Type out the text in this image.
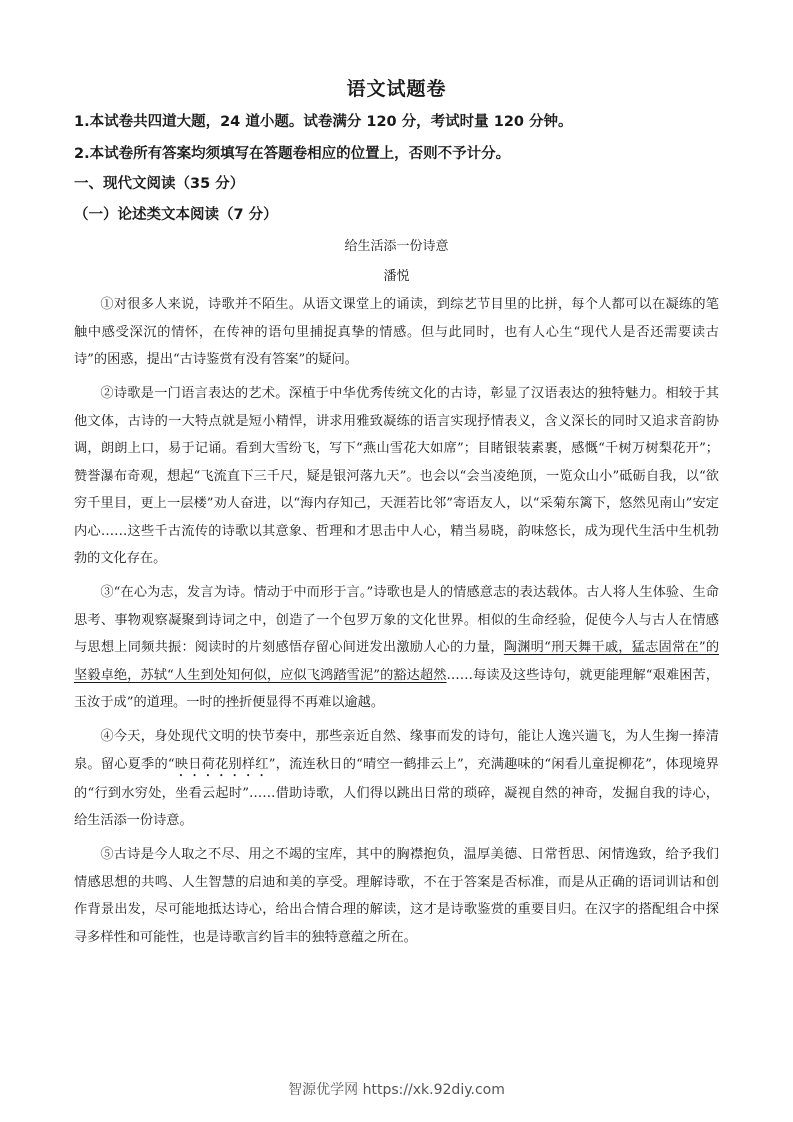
语文试题卷
1.本试卷共四道大题，24 道小题。试卷满分 120 分，考试时量 120 分钟。
2.本试卷所有答案均须填写在答题卷相应的位置上，否则不予计分。
一、现代文阅读（35 分）
（一）论述类文本阅读（7 分）
给生活添一份诗意
潘悦

①对很多人来说，诗歌并不陌生。从语文课堂上的诵读，到综艺节目里的比拼，每个人都可以在凝练的笔触中感受深沉的情怀，在传神的语句里捕捉真挚的情感。但与此同时，也有人心生“现代人是否还需要读古诗”的困惑，提出“古诗鉴赏有没有答案”的疑问。

②诗歌是一门语言表达的艺术。深植于中华优秀传统文化的古诗，彰显了汉语表达的独特魅力。相较于其他文体，古诗的一大特点就是短小精悍，讲求用雅致凝练的语言实现抒情表义，含义深长的同时又追求音韵协调，朗朗上口，易于记诵。看到大雪纷飞，写下“燕山雪花大如席”；目睹银装素裹，感慨“千树万树梨花开”；赞誉瀑布奇观，想起“飞流直下三千尺，疑是银河落九天”。也会以“会当凌绝顶，一览众山小”砥砺自我，以“欲穷千里目，更上一层楼”劝人奋进，以“海内存知己，天涯若比邻”寄语友人，以“采菊东篱下，悠然见南山”安定内心……这些千古流传的诗歌以其意象、哲理和才思击中人心，精当易晓，韵味悠长，成为现代生活中生机勃勃的文化存在。

③“在心为志，发言为诗。情动于中而形于言。”诗歌也是人的情感意志的表达载体。古人将人生体验、生命思考、事物观察凝聚到诗词之中，创造了一个包罗万象的文化世界。相似的生命经验，促使今人与古人在情感与思想上同频共振：阅读时的片刻感悟存留心间迸发出激励人心的力量，陶渊明“刑天舞干戚，猛志固常在”的坚毅卓绝，苏轼“人生到处知何似，应似飞鸿踏雪泥”的豁达超然……每读及这些诗句，就更能理解“艰难困苦，玉汝于成”的道理。一时的挫折便显得不再难以逾越。

④今天，身处现代文明的快节奏中，那些亲近自然、缘事而发的诗句，能让人逸兴遄飞，为人生掬一捧清泉。留心夏季的“映日荷花别样红”，流连秋日的“晴空一鹤排云上”，充满趣味的“闲看儿童捉柳花”，体现境界的“行到水穷处，坐看云起时”……借助诗歌，人们得以跳出日常的琐碎，凝视自然的神奇，发掘自我的诗心，给生活添一份诗意。

⑤古诗是今人取之不尽、用之不竭的宝库，其中的胸襟抱负，温厚美德、日常哲思、闲情逸致，给予我们情感思想的共鸣、人生智慧的启迪和美的享受。理解诗歌，不在于答案是否标准，而是从正确的语词训诂和创作背景出发，尽可能地抵达诗心，给出合情合理的解读，这才是诗歌鉴赏的重要目归。在汉字的搭配组合中探寻多样性和可能性，也是诗歌言约旨丰的独特意蕴之所在。

智源优学网 https://xk.92diy.com
